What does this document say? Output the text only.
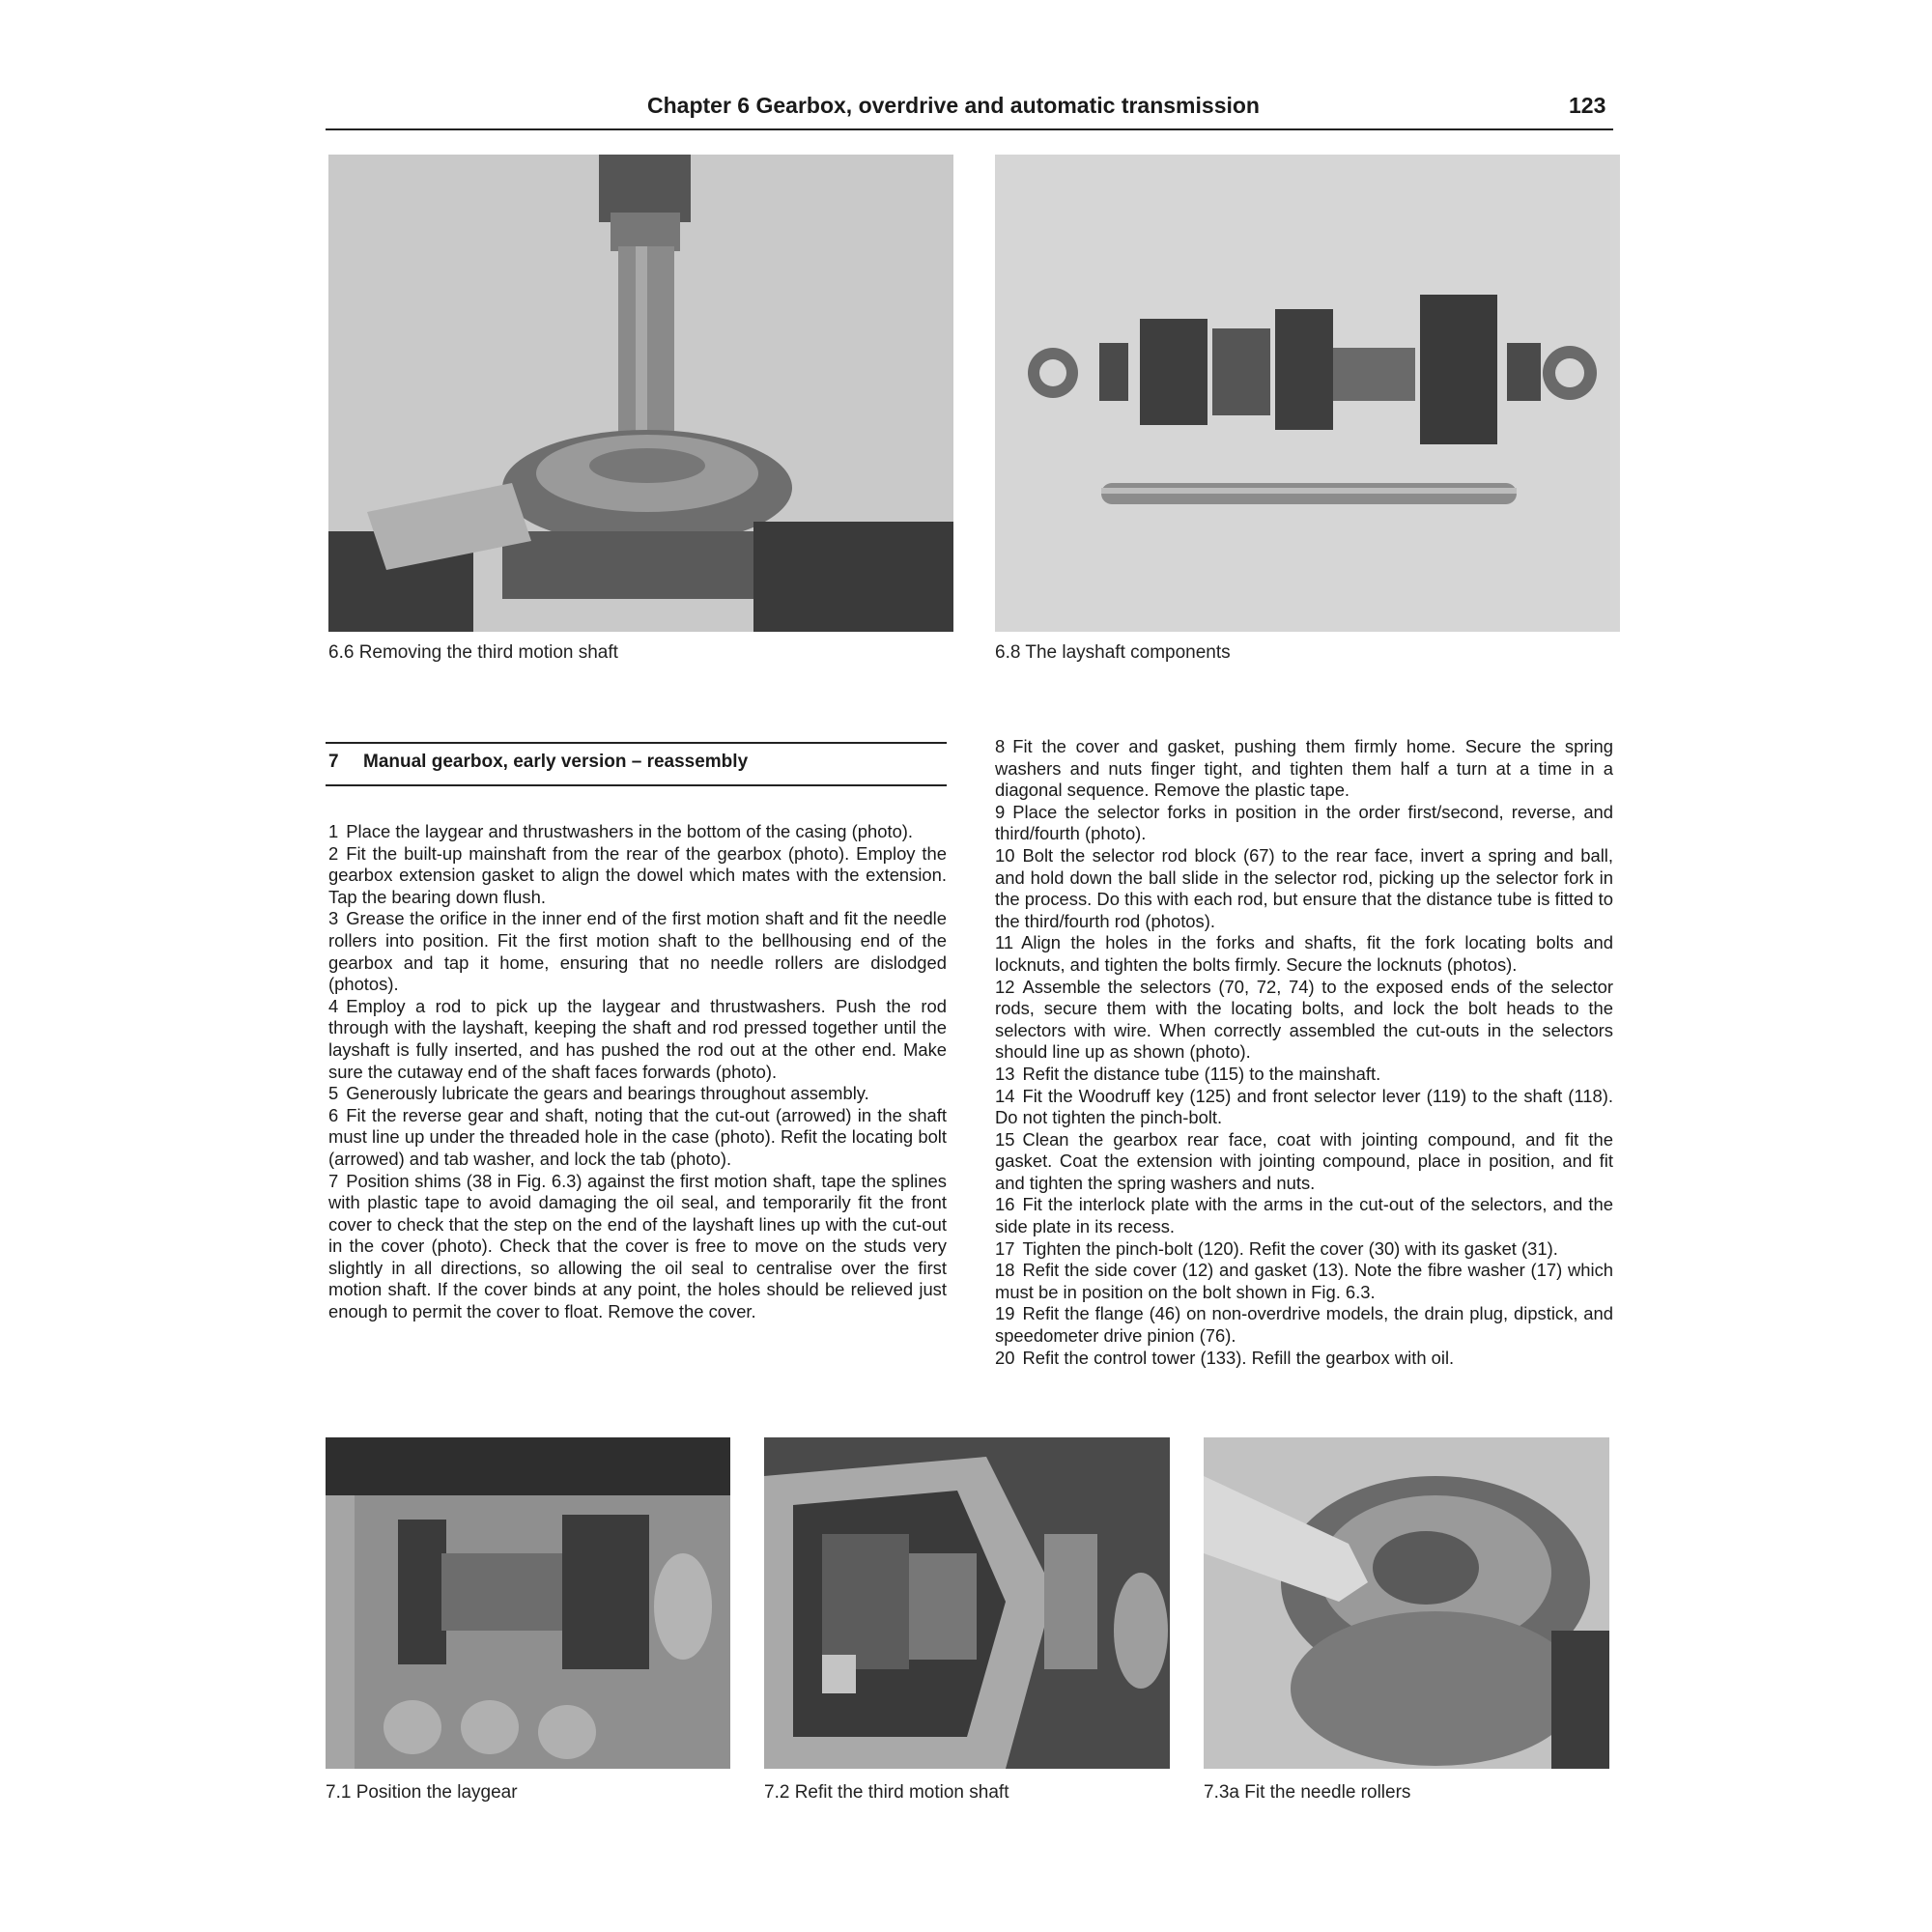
Chapter 6 Gearbox, overdrive and automatic transmission	123
6.6 Removing the third motion shaft	6.8 The layshaft components
7 Manual gearbox, early version – reassembly

1 Place the laygear and thrustwashers in the bottom of the casing (photo).

2 Fit the built-up mainshaft from the rear of the gearbox (photo). Employ the gearbox extension gasket to align the dowel which mates with the extension. Tap the bearing down flush.

3 Grease the orifice in the inner end of the first motion shaft and fit the needle rollers into position. Fit the first motion shaft to the bellhousing end of the gearbox and tap it home, ensuring that no needle rollers are dislodged (photos).

4 Employ a rod to pick up the laygear and thrustwashers. Push the rod through with the layshaft, keeping the shaft and rod pressed together until the layshaft is fully inserted, and has pushed the rod out at the other end. Make sure the cutaway end of the shaft faces forwards (photo).

5 Generously lubricate the gears and bearings throughout assembly.

6 Fit the reverse gear and shaft, noting that the cut-out (arrowed) in the shaft must line up under the threaded hole in the case (photo). Refit the locating bolt (arrowed) and tab washer, and lock the tab (photo).

7 Position shims (38 in Fig. 6.3) against the first motion shaft, tape the splines with plastic tape to avoid damaging the oil seal, and temporarily fit the front cover to check that the step on the end of the layshaft lines up with the cut-out in the cover (photo). Check that the cover is free to move on the studs very slightly in all directions, so allowing the oil seal to centralise over the first motion shaft. If the cover binds at any point, the holes should be relieved just enough to permit the cover to float. Remove the cover.

8 Fit the cover and gasket, pushing them firmly home. Secure the spring washers and nuts finger tight, and tighten them half a turn at a time in a diagonal sequence. Remove the plastic tape.

9 Place the selector forks in position in the order first/second, reverse, and third/fourth (photo).

10 Bolt the selector rod block (67) to the rear face, invert a spring and ball, and hold down the ball slide in the selector rod, picking up the selector fork in the process. Do this with each rod, but ensure that the distance tube is fitted to the third/fourth rod (photos).

11 Align the holes in the forks and shafts, fit the fork locating bolts and locknuts, and tighten the bolts firmly. Secure the locknuts (photos).

12 Assemble the selectors (70, 72, 74) to the exposed ends of the selector rods, secure them with the locating bolts, and lock the bolt heads to the selectors with wire. When correctly assembled the cut-outs in the selectors should line up as shown (photo).

13 Refit the distance tube (115) to the mainshaft.

14 Fit the Woodruff key (125) and front selector lever (119) to the shaft (118). Do not tighten the pinch-bolt.

15 Clean the gearbox rear face, coat with jointing compound, and fit the gasket. Coat the extension with jointing compound, place in position, and fit and tighten the spring washers and nuts.

16 Fit the interlock plate with the arms in the cut-out of the selectors, and the side plate in its recess.

17 Tighten the pinch-bolt (120). Refit the cover (30) with its gasket (31).

18 Refit the side cover (12) and gasket (13). Note the fibre washer (17) which must be in position on the bolt shown in Fig. 6.3.

19 Refit the flange (46) on non-overdrive models, the drain plug, dipstick, and speedometer drive pinion (76).

20 Refit the control tower (133). Refill the gearbox with oil.

7.1 Position the laygear	7.2 Refit the third motion shaft	7.3a Fit the needle rollers
